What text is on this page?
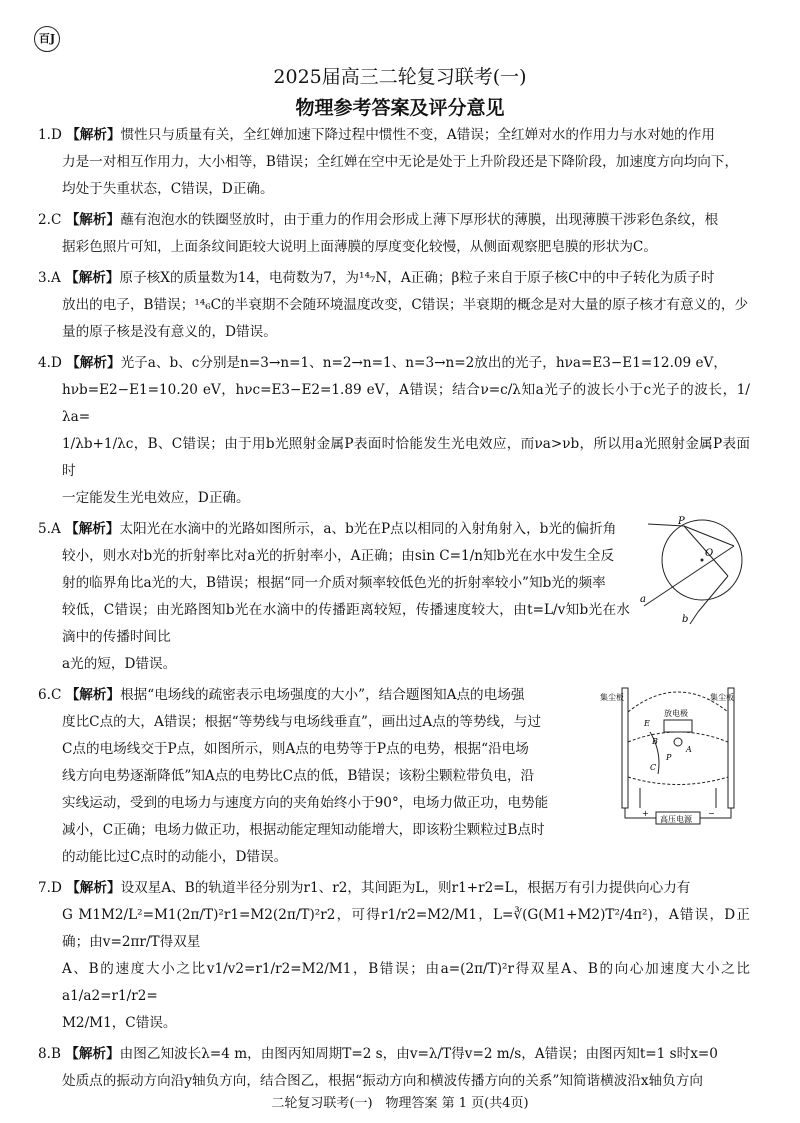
百J
2025届高三二轮复习联考(一)
物理参考答案及评分意见
1.D 【解析】惯性只与质量有关，全红婵加速下降过程中惯性不变，A错误；全红婵对水的作用力与水对她的作用
力是一对相互作用力，大小相等，B错误；全红婵在空中无论是处于上升阶段还是下降阶段，加速度方向均向下，
均处于失重状态，C错误，D正确。
2.C 【解析】蘸有泡泡水的铁圈竖放时，由于重力的作用会形成上薄下厚形状的薄膜，出现薄膜干涉彩色条纹，根
据彩色照片可知，上面条纹间距较大说明上面薄膜的厚度变化较慢，从侧面观察肥皂膜的形状为C。
3.A 【解析】原子核X的质量数为14，电荷数为7，为¹⁴₇N，A正确；β粒子来自于原子核C中的中子转化为质子时
放出的电子，B错误；¹⁴₆C的半衰期不会随环境温度改变，C错误；半衰期的概念是对大量的原子核才有意义的，少
量的原子核是没有意义的，D错误。
4.D 【解析】光子a、b、c分别是n=3→n=1、n=2→n=1、n=3→n=2放出的光子，hνa=E3−E1=12.09 eV，
hνb=E2−E1=10.20 eV，hνc=E3−E2=1.89 eV，A错误；结合ν=c/λ知a光子的波长小于c光子的波长，1/λa=
1/λb+1/λc，B、C错误；由于用b光照射金属P表面时恰能发生光电效应，而νa>νb，所以用a光照射金属P表面时
一定能发生光电效应，D正确。
P
O
a
b
5.A 【解析】太阳光在水滴中的光路如图所示，a、b光在P点以相同的入射角射入，b光的偏折角
较小，则水对b光的折射率比对a光的折射率小，A正确；由sin C=1/n知b光在水中发生全反
射的临界角比a光的大，B错误；根据“同一介质对频率较低色光的折射率较小”知b光的频率
较低，C错误；由光路图知b光在水滴中的传播距离较短，传播速度较大，由t=L/v知b光在水滴中的传播时间比
a光的短，D错误。
集尘板	集尘板
放电极
高压电源
+	−
E
B
A
C
P
6.C 【解析】根据“电场线的疏密表示电场强度的大小”，结合题图知A点的电场强
度比C点的大，A错误；根据“等势线与电场线垂直”，画出过A点的等势线，与过
C点的电场线交于P点，如图所示，则A点的电势等于P点的电势，根据“沿电场
线方向电势逐渐降低”知A点的电势比C点的低，B错误；该粉尘颗粒带负电，沿
实线运动，受到的电场力与速度方向的夹角始终小于90°，电场力做正功，电势能
减小，C正确；电场力做正功，根据动能定理知动能增大，即该粉尘颗粒过B点时
的动能比过C点时的动能小，D错误。
7.D 【解析】设双星A、B的轨道半径分别为r1、r2，其间距为L，则r1+r2=L，根据万有引力提供向心力有
G M1M2/L²=M1(2π/T)²r1=M2(2π/T)²r2，可得r1/r2=M2/M1，L=∛(G(M1+M2)T²/4π²)，A错误，D正确；由v=2πr/T得双星
A、B的速度大小之比v1/v2=r1/r2=M2/M1，B错误；由a=(2π/T)²r得双星A、B的向心加速度大小之比a1/a2=r1/r2=
M2/M1，C错误。
8.B 【解析】由图乙知波长λ=4 m，由图丙知周期T=2 s，由v=λ/T得v=2 m/s，A错误；由图丙知t=1 s时x=0
处质点的振动方向沿y轴负方向，结合图乙，根据“振动方向和横波传播方向的关系”知简谐横波沿x轴负方向
二轮复习联考(一)　物理答案 第 1 页(共4页)
